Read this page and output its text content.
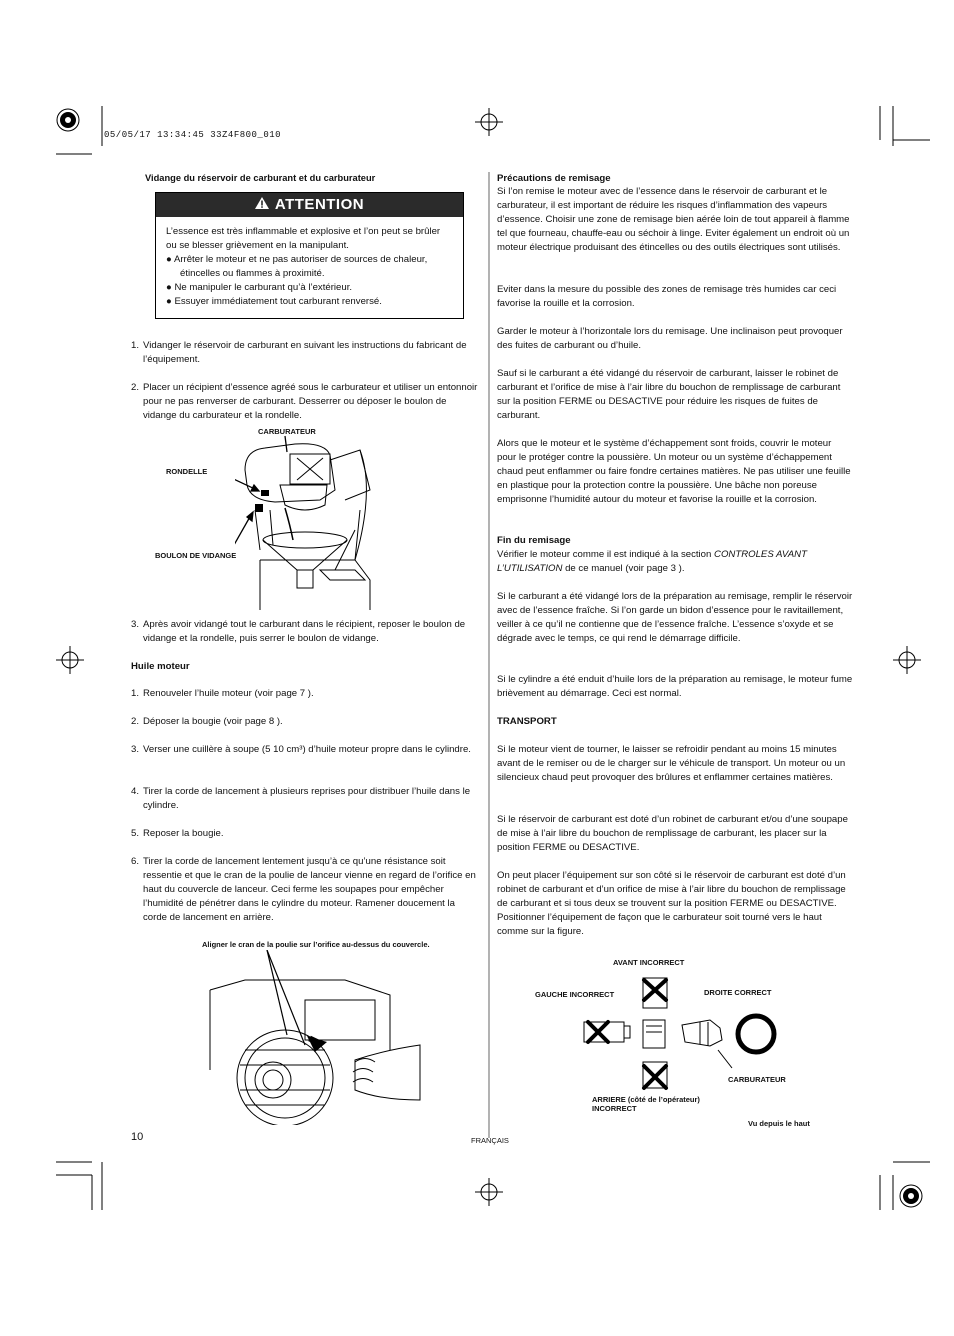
05/05/17 13:34:45 33Z4F800_010
Vidange du réservoir de carburant et du carburateur
ATTENTION
L’essence est très inflammable et explosive et l’on peut se brûler ou se blesser grièvement en la manipulant.
● Arrêter le moteur et ne pas autoriser de sources de chaleur, étincelles ou flammes à proximité.
● Ne manipuler le carburant qu’à l’extérieur.
● Essuyer immédiatement tout carburant renversé.
1. Vidanger le réservoir de carburant en suivant les instructions du fabricant de l’équipement.
2. Placer un récipient d’essence agréé sous le carburateur et utiliser un entonnoir pour ne pas renverser de carburant. Desserrer ou déposer le boulon de vidange du carburateur et la rondelle.
CARBURATEUR
RONDELLE
BOULON DE VIDANGE
3. Après avoir vidangé tout le carburant dans le récipient, reposer le boulon de vidange et la rondelle, puis serrer le boulon de vidange.
Huile moteur
1. Renouveler l’huile moteur (voir page 7 ).
2. Déposer la bougie (voir page 8 ).
3. Verser une cuillère à soupe (5 10 cm³) d’huile moteur propre dans le cylindre.
4. Tirer la corde de lancement à plusieurs reprises pour distribuer l’huile dans le cylindre.
5. Reposer la bougie.
6. Tirer la corde de lancement lentement jusqu’à ce qu’une résistance soit ressentie et que le cran de la poulie de lanceur vienne en regard de l’orifice en haut du couvercle de lanceur. Ceci ferme les soupapes pour empêcher l’humidité de pénétrer dans le cylindre du moteur. Ramener doucement la corde de lancement en arrière.
Aligner le cran de la poulie sur l’orifice au-dessus du couvercle.
Précautions de remisage

Si l’on remise le moteur avec de l’essence dans le réservoir de carburant et le carburateur, il est important de réduire les risques d’inflammation des vapeurs d’essence. Choisir une zone de remisage bien aérée loin de tout appareil à flamme tel que fourneau, chauffe-eau ou séchoir à linge. Eviter également un endroit où un moteur électrique produisant des étincelles ou des outils électriques sont utilisés.

Eviter dans la mesure du possible des zones de remisage très humides car ceci favorise la rouille et la corrosion.

Garder le moteur à l’horizontale lors du remisage. Une inclinaison peut provoquer des fuites de carburant ou d’huile.

Sauf si le carburant a été vidangé du réservoir de carburant, laisser le robinet de carburant et l’orifice de mise à l’air libre du bouchon de remplissage de carburant sur la position FERME ou DESACTIVE pour réduire les risques de fuites de carburant.

Alors que le moteur et le système d’échappement sont froids, couvrir le moteur pour le protéger contre la poussière. Un moteur ou un système d’échappement chaud peut enflammer ou faire fondre certaines matières. Ne pas utiliser une feuille en plastique pour la protection contre la poussière. Une bâche non poreuse emprisonne l’humidité autour du moteur et favorise la rouille et la corrosion.

Fin du remisage

Vérifier le moteur comme il est indiqué à la section CONTROLES AVANT L’UTILISATION de ce manuel (voir page 3 ).

Si le carburant a été vidangé lors de la préparation au remisage, remplir le réservoir avec de l’essence fraîche. Si l’on garde un bidon d’essence pour le ravitaillement, veiller à ce qu’il ne contienne que de l’essence fraîche. L’essence s’oxyde et se dégrade avec le temps, ce qui rend le démarrage difficile.

Si le cylindre a été enduit d’huile lors de la préparation au remisage, le moteur fume brièvement au démarrage. Ceci est normal.

TRANSPORT

Si le moteur vient de tourner, le laisser se refroidir pendant au moins 15 minutes avant de le remiser ou de le charger sur le véhicule de transport. Un moteur ou un silencieux chaud peut provoquer des brûlures et enflammer certaines matières.

Si le réservoir de carburant est doté d’un robinet de carburant et/ou d’une soupape de mise à l’air libre du bouchon de remplissage de carburant, les placer sur la position FERME ou DESACTIVE.

On peut placer l’équipement sur son côté si le réservoir de carburant est doté d’un robinet de carburant et d’un orifice de mise à l’air libre du bouchon de remplissage de carburant et si tous deux se trouvent sur la position FERME ou DESACTIVE. Positionner l’équipement de façon que le carburateur soit tourné vers le haut comme sur la figure.

AVANT INCORRECT
GAUCHE INCORRECT	DROITE CORRECT
CARBURATEUR
ARRIERE (côté de l’opérateur)
INCORRECT
Vu depuis le haut
10	FRANÇAIS
